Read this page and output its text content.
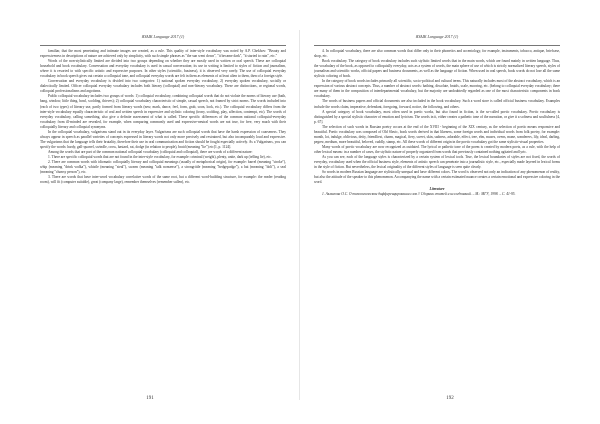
ЯЗЫК Language 2017 (1)

familiar, that the most penetrating and intimate images are created, as a rule. This quality of inter-style vocabulary was noted by A.P. Chekhov: "Beauty and expressiveness in descriptions of nature are achieved only by simplicity, with such simple phrases as "the sun went down", "it became dark", "it started to rain", etc."

Words of the non-stylistically limited are divided into two groups depending on whether they are mostly used in written or oral speech. These are colloquial household and book vocabulary. Conversation and everyday vocabulary is used in casual conversation; its use in writing is limited to styles of fiction and journalism, where it is resorted to with specific artistic and expressive purposes. In other styles (scientific, business), it is observed very rarely. The use of colloquial everyday vocabulary in book speech gives out certain a colloquial tone, and colloquial everyday words are felt in them as elements of at least alien to them, then of a foreign style.

Conversation and everyday vocabulary is divided into two categories: 1) national spoken everyday vocabulary, 2) everyday spoken vocabulary, socially or dialectically limited. Officer colloquial everyday vocabulary includes both literary (colloquial) and non-literary vocabulary. These are distinctions, or regional words, colloquial professionalisms and argotisms.

Public colloquial vocabulary includes two groups of words: 1) colloquial vocabulary, combining colloquial words that do not violate the norms of literary use (bath, bang, window, little thing, bawl, scolding, thieves); 2) colloquial vocabulary characteristic of simple, casual speech, not framed by strict norms. The words included into (each of two types) of literary use, partly formed from literary words (new, mark, dance, feel, form, grab, soon, look, etc.). The colloquial vocabulary differs from the inter-style vocabulary equally characteristic of oral and written speech in expressive and stylistic coloring (irony, scolding, play, affection, contempt, etc). The words of everyday vocabulary, calling something, also give a definite assessment of what is called. These specific differences of the common national colloquial-everyday vocabulary from ill-minded are revealed, for example, when comparing commonly used and expressive-neutral words are not true, for free, very much with their colloquially literary and colloquial synonyms.

In the colloquial vocabulary, vulgarisms stand out in its everyday layer. Vulgarisms are such colloquial words that have the harsh expression of coarseness. They always appear in speech as parallel varieties of concepts expressed in literary words not only more precisely and restrained, but also incomparably loud and expressive. The vulgarisms that the language tells their brutality, therefore their use in oral communication and fiction should be fought especially actively. As a Vulgarisms, you can specify the words: hardy, gall-quarrel, swindle, cross, bastard, rat, dodge (in relation to people), braid (meaning "lie") etc[1, p. 1124].

Among the words that are part of the common national colloquial vocabulary (colloquial and colloquial), there are words of a different nature:

1. There are specific colloquial words that are not found in the inter-style vocabulary, for example: criminal (weight), plenty, unite, dark up (telling lie), etc.

2. There are common words with idiomatic colloquially literary and colloquial meanings (usually of metaphorical origin), for example: barrel (meaning "stroke"), whip (meaning "drink vodka"), whistle (meaning "steal"), swarm (meaning "talk nonsense"), a strongrittle (meaning "hedgepodge"), a hat (meaning "dolt"), a seal (meaning "clumsy person"), etc.

3. There are words that have inter-word vocabulary correlative words of the same root, but a different word-building structure, for example: the reader (reading room), will fit (computer suitable), great (company large), remember themselves (remember sullen), etc.

191
ЯЗЫК Language 2017 (1)

4. In colloquial vocabulary, there are also common words that differ only in their phonetics and accentology, for example, instruments, tobacco, antique, briefcase, shop, etc.

Book vocabulary. The category of book vocabulary includes such stylistic limited words that in the main words, which are found mainly in written language. Thus, the vocabulary of the book, as opposed to colloquially everyday, acts as a system of words, the main sphere of use of which is strictly normalized literary speech, styles of journalism and scientific works, official papers and business documents, as well as the language of fiction. When used in oral speech, book words do not lose all the same stylistic coloring of book.

In the category of book words includes primarily all scientific, socio-political and cultural terms. This naturally includes most of the abstract vocabulary, which is an expression of various abstract concepts. Thus, a number of abstract words: bathing, dissolute, braids, scale, mooring, etc. (belong to colloquial everyday vocabulary; there are many of them in the composition of interdepartmental vocabulary, but the majority are undoubtedly regarded as one of the most characteristic components in book vocabulary.

The words of business papers and official documents are also included in the book vocabulary. Such a word store is called official business vocabulary. Examples include the words claim, imperative, defendant, foregoing, forward, notice, the following, and others.

A special category of book vocabulary, most often used in poetic works, but also found in fiction, is the so-called poetic vocabulary. Poetic vocabulary is distinguished by a special stylistic character of emotion and lyricism. The words in it, either creates a pathetic tone of the narration, or give it a softness and soulfulness [4, p. 67].

The selection of such words in Russian poetry occurs at the end of the XVIII - beginning of the XIX century, as the selection of poetic means responsive and beautiful. Poetic vocabulary was composed of Old Slavic, book words derived in that likeness, some foreign words and individual words from folk poetry, for example: month, lot, indulge, oblivious, deity, friendliest, charm, magical, fiery, sweet, skin, sadness, adorable, effect, tree, elm, muses, ovens, mane, wanderers, lily, ideal, darling, pegrez, medium, more beautiful, beloved, cuddly, stamp, etc. All these words of different origin in the poetic vocabulary got the same stylistic-visual properties.

Many words of poetic vocabulary are now recognized as outdated. The lyrical or pathetic tone of the poem is created by modern poets, as a rule, with the help of other lexical means: in a number of cases, the stylistic nature of properly organized from words that previously contained nothing agitated and lyric.

As you can see, each of the language styles is characterized by a certain system of lexical tools. True, the lexical boundaries of styles are not fixed, the words of everyday, vocabulary used when the official business style, elements of artistic speech can penetrate into a journalistic style, etc., especially made layered in lexical forms in the style of fiction. But nevertheless, the lexical originality of the different styles of language is seen quite clearly.

So words in modern Russian language are stylistically unequal and have different colors. The word is observed not only an indication of any phenomenon of reality, but also the attitude of the speaker to this phenomenon. Accompanying the name with a certain estimated nuance creates a certain emotional and expressive coloring in the word.

Literature

1. Акмалова О.С. О типологическом дифференцировании слов // Сборник статей и исследований. – М.: МГУ, 1998. – С. 41-95.

192
